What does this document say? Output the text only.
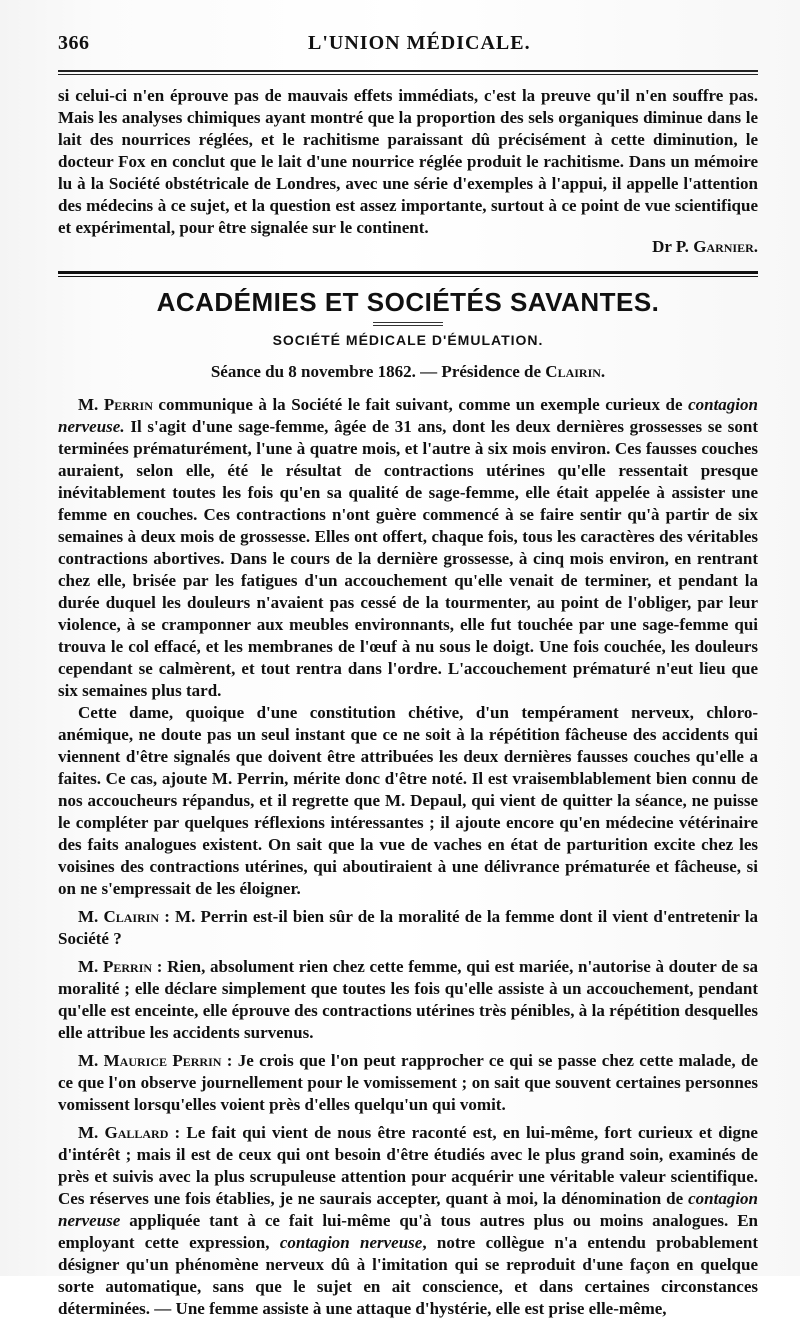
366	L'UNION MÉDICALE.

si celui-ci n'en éprouve pas de mauvais effets immédiats, c'est la preuve qu'il n'en souffre pas. Mais les analyses chimiques ayant montré que la proportion des sels organiques diminue dans le lait des nourrices réglées, et le rachitisme paraissant dû précisément à cette diminution, le docteur Fox en conclut que le lait d'une nourrice réglée produit le rachitisme. Dans un mémoire lu à la Société obstétricale de Londres, avec une série d'exemples à l'appui, il appelle l'attention des médecins à ce sujet, et la question est assez importante, surtout à ce point de vue scientifique et expérimental, pour être signalée sur le continent.

Dr P. Garnier.
ACADÉMIES ET SOCIÉTÉS SAVANTES.
SOCIÉTÉ MÉDICALE D'ÉMULATION.
Séance du 8 novembre 1862. — Présidence de Clairin.

M. Perrin communique à la Société le fait suivant, comme un exemple curieux de contagion nerveuse. Il s'agit d'une sage-femme, âgée de 31 ans, dont les deux dernières grossesses se sont terminées prématurément, l'une à quatre mois, et l'autre à six mois environ. Ces fausses couches auraient, selon elle, été le résultat de contractions utérines qu'elle ressentait presque inévitablement toutes les fois qu'en sa qualité de sage-femme, elle était appelée à assister une femme en couches. Ces contractions n'ont guère commencé à se faire sentir qu'à partir de six semaines à deux mois de grossesse. Elles ont offert, chaque fois, tous les caractères des véritables contractions abortives. Dans le cours de la dernière grossesse, à cinq mois environ, en rentrant chez elle, brisée par les fatigues d'un accouchement qu'elle venait de terminer, et pendant la durée duquel les douleurs n'avaient pas cessé de la tourmenter, au point de l'obliger, par leur violence, à se cramponner aux meubles environnants, elle fut touchée par une sage-femme qui trouva le col effacé, et les membranes de l'œuf à nu sous le doigt. Une fois couchée, les douleurs cependant se calmèrent, et tout rentra dans l'ordre. L'accouchement prématuré n'eut lieu que six semaines plus tard.

Cette dame, quoique d'une constitution chétive, d'un tempérament nerveux, chloro-anémique, ne doute pas un seul instant que ce ne soit à la répétition fâcheuse des accidents qui viennent d'être signalés que doivent être attribuées les deux dernières fausses couches qu'elle a faites. Ce cas, ajoute M. Perrin, mérite donc d'être noté. Il est vraisemblablement bien connu de nos accoucheurs répandus, et il regrette que M. Depaul, qui vient de quitter la séance, ne puisse le compléter par quelques réflexions intéressantes ; il ajoute encore qu'en médecine vétérinaire des faits analogues existent. On sait que la vue de vaches en état de parturition excite chez les voisines des contractions utérines, qui aboutiraient à une délivrance prématurée et fâcheuse, si on ne s'empressait de les éloigner.

M. Clairin : M. Perrin est-il bien sûr de la moralité de la femme dont il vient d'entretenir la Société ?

M. Perrin : Rien, absolument rien chez cette femme, qui est mariée, n'autorise à douter de sa moralité ; elle déclare simplement que toutes les fois qu'elle assiste à un accouchement, pendant qu'elle est enceinte, elle éprouve des contractions utérines très pénibles, à la répétition desquelles elle attribue les accidents survenus.

M. Maurice Perrin : Je crois que l'on peut rapprocher ce qui se passe chez cette malade, de ce que l'on observe journellement pour le vomissement ; on sait que souvent certaines personnes vomissent lorsqu'elles voient près d'elles quelqu'un qui vomit.

M. Gallard : Le fait qui vient de nous être raconté est, en lui-même, fort curieux et digne d'intérêt ; mais il est de ceux qui ont besoin d'être étudiés avec le plus grand soin, examinés de près et suivis avec la plus scrupuleuse attention pour acquérir une véritable valeur scientifique. Ces réserves une fois établies, je ne saurais accepter, quant à moi, la dénomination de contagion nerveuse appliquée tant à ce fait lui-même qu'à tous autres plus ou moins analogues. En employant cette expression, contagion nerveuse, notre collègue n'a entendu probablement désigner qu'un phénomène nerveux dû à l'imitation qui se reproduit d'une façon en quelque sorte automatique, sans que le sujet en ait conscience, et dans certaines circonstances déterminées. — Une femme assiste à une attaque d'hystérie, elle est prise elle-même,
